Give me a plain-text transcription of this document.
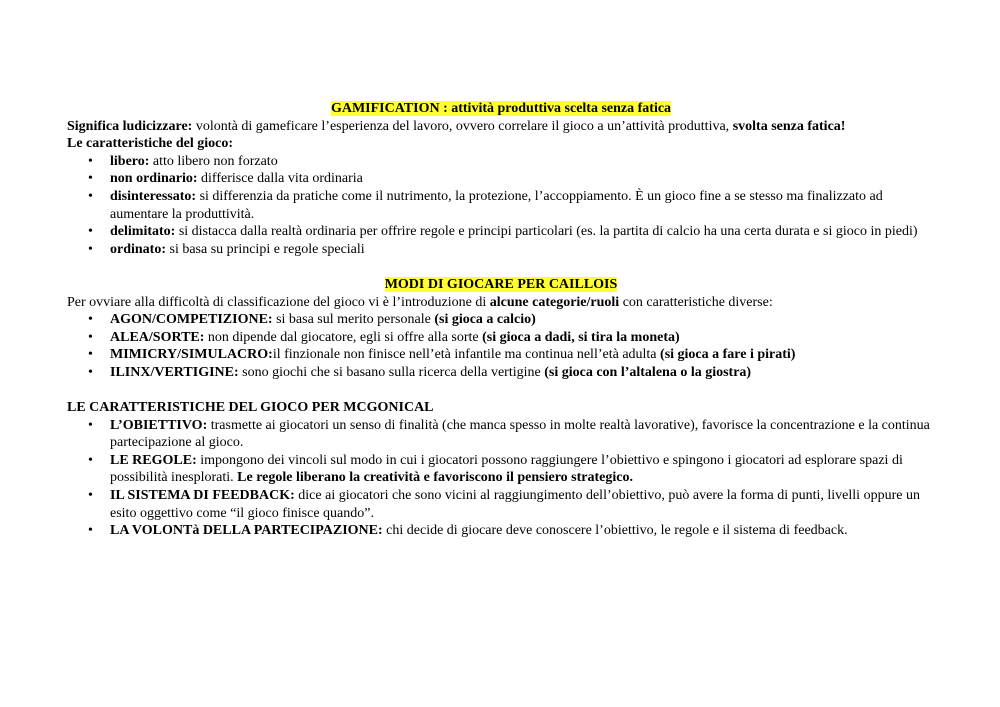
GAMIFICATION : attività produttiva scelta senza fatica

Significa ludicizzare: volontà di gameficare l’esperienza del lavoro, ovvero correlare il gioco a un’attività produttiva, svolta senza fatica!

Le caratteristiche del gioco:

• libero: atto libero non forzato
• non ordinario: differisce dalla vita ordinaria
• disinteressato: si differenzia da pratiche come il nutrimento, la protezione, l’accoppiamento. È un gioco fine a se stesso ma finalizzato ad aumentare la produttività.
• delimitato: si distacca dalla realtà ordinaria per offrire regole e principi particolari (es. la partita di calcio ha una certa durata e si gioco in piedi)
• ordinato: si basa su principi e regole speciali

MODI DI GIOCARE PER CAILLOIS

Per ovviare alla difficoltà di classificazione del gioco vi è l’introduzione di alcune categorie/ruoli con caratteristiche diverse:

• AGON/COMPETIZIONE: si basa sul merito personale (si gioca a calcio)
• ALEA/SORTE: non dipende dal giocatore, egli si offre alla sorte (si gioca a dadi, si tira la moneta)
• MIMICRY/SIMULACRO:il finzionale non finisce nell’età infantile ma continua nell’età adulta (si gioca a fare i pirati)
• ILINX/VERTIGINE: sono giochi che si basano sulla ricerca della vertigine (si gioca con l’altalena o la giostra)

LE CARATTERISTICHE DEL GIOCO PER MCGONICAL

• L’OBIETTIVO: trasmette ai giocatori un senso di finalità (che manca spesso in molte realtà lavorative), favorisce la concentrazione e la continua partecipazione al gioco.
• LE REGOLE: impongono dei vincoli sul modo in cui i giocatori possono raggiungere l’obiettivo e spingono i giocatori ad esplorare spazi di possibilità inesplorati. Le regole liberano la creatività e favoriscono il pensiero strategico.
• IL SISTEMA DI FEEDBACK: dice ai giocatori che sono vicini al raggiungimento dell’obiettivo, può avere la forma di punti, livelli oppure un esito oggettivo come “il gioco finisce quando”.
• LA VOLONTà DELLA PARTECIPAZIONE: chi decide di giocare deve conoscere l’obiettivo, le regole e il sistema di feedback.
